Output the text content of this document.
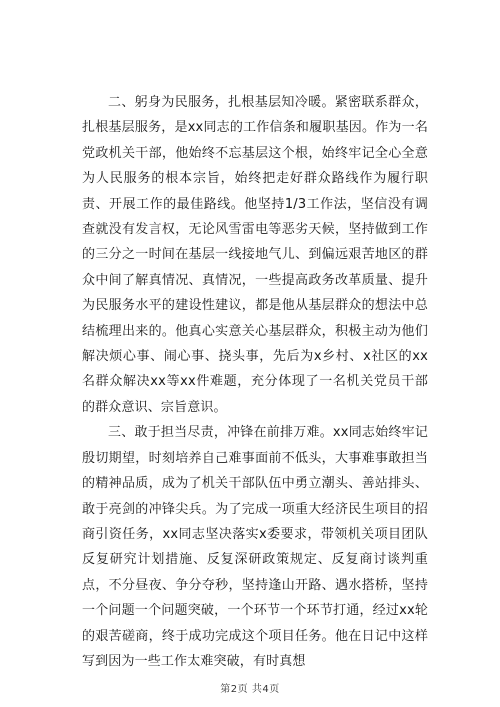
二、躬身为民服务，扎根基层知冷暖。紧密联系群众，扎根基层服务，是xx同志的工作信条和履职基因。作为一名党政机关干部，他始终不忘基层这个根，始终牢记全心全意为人民服务的根本宗旨，始终把走好群众路线作为履行职责、开展工作的最佳路线。他坚持1/3工作法，坚信没有调查就没有发言权，无论风雪雷电等恶劣天候，坚持做到工作的三分之一时间在基层一线接地气儿、到偏远艰苦地区的群众中间了解真情况、真情况，一些提高政务改革质量、提升为民服务水平的建设性建议，都是他从基层群众的想法中总结梳理出来的。他真心实意关心基层群众，积极主动为他们解决烦心事、闹心事、挠头事，先后为x乡村、x社区的xx名群众解决xx等xx件难题，充分体现了一名机关党员干部的群众意识、宗旨意识。

三、敢于担当尽责，冲锋在前排万难。xx同志始终牢记殷切期望，时刻培养自己难事面前不低头，大事难事敢担当的精神品质，成为了机关干部队伍中勇立潮头、善站排头、敢于亮剑的冲锋尖兵。为了完成一项重大经济民生项目的招商引资任务，xx同志坚决落实x委要求，带领机关项目团队反复研究计划措施、反复深研政策规定、反复商讨谈判重点，不分昼夜、争分夺秒，坚持逢山开路、遇水搭桥，坚持一个问题一个问题突破，一个环节一个环节打通，经过xx轮的艰苦磋商，终于成功完成这个项目任务。他在日记中这样写到因为一些工作太难突破，有时真想

第2页 共4页
